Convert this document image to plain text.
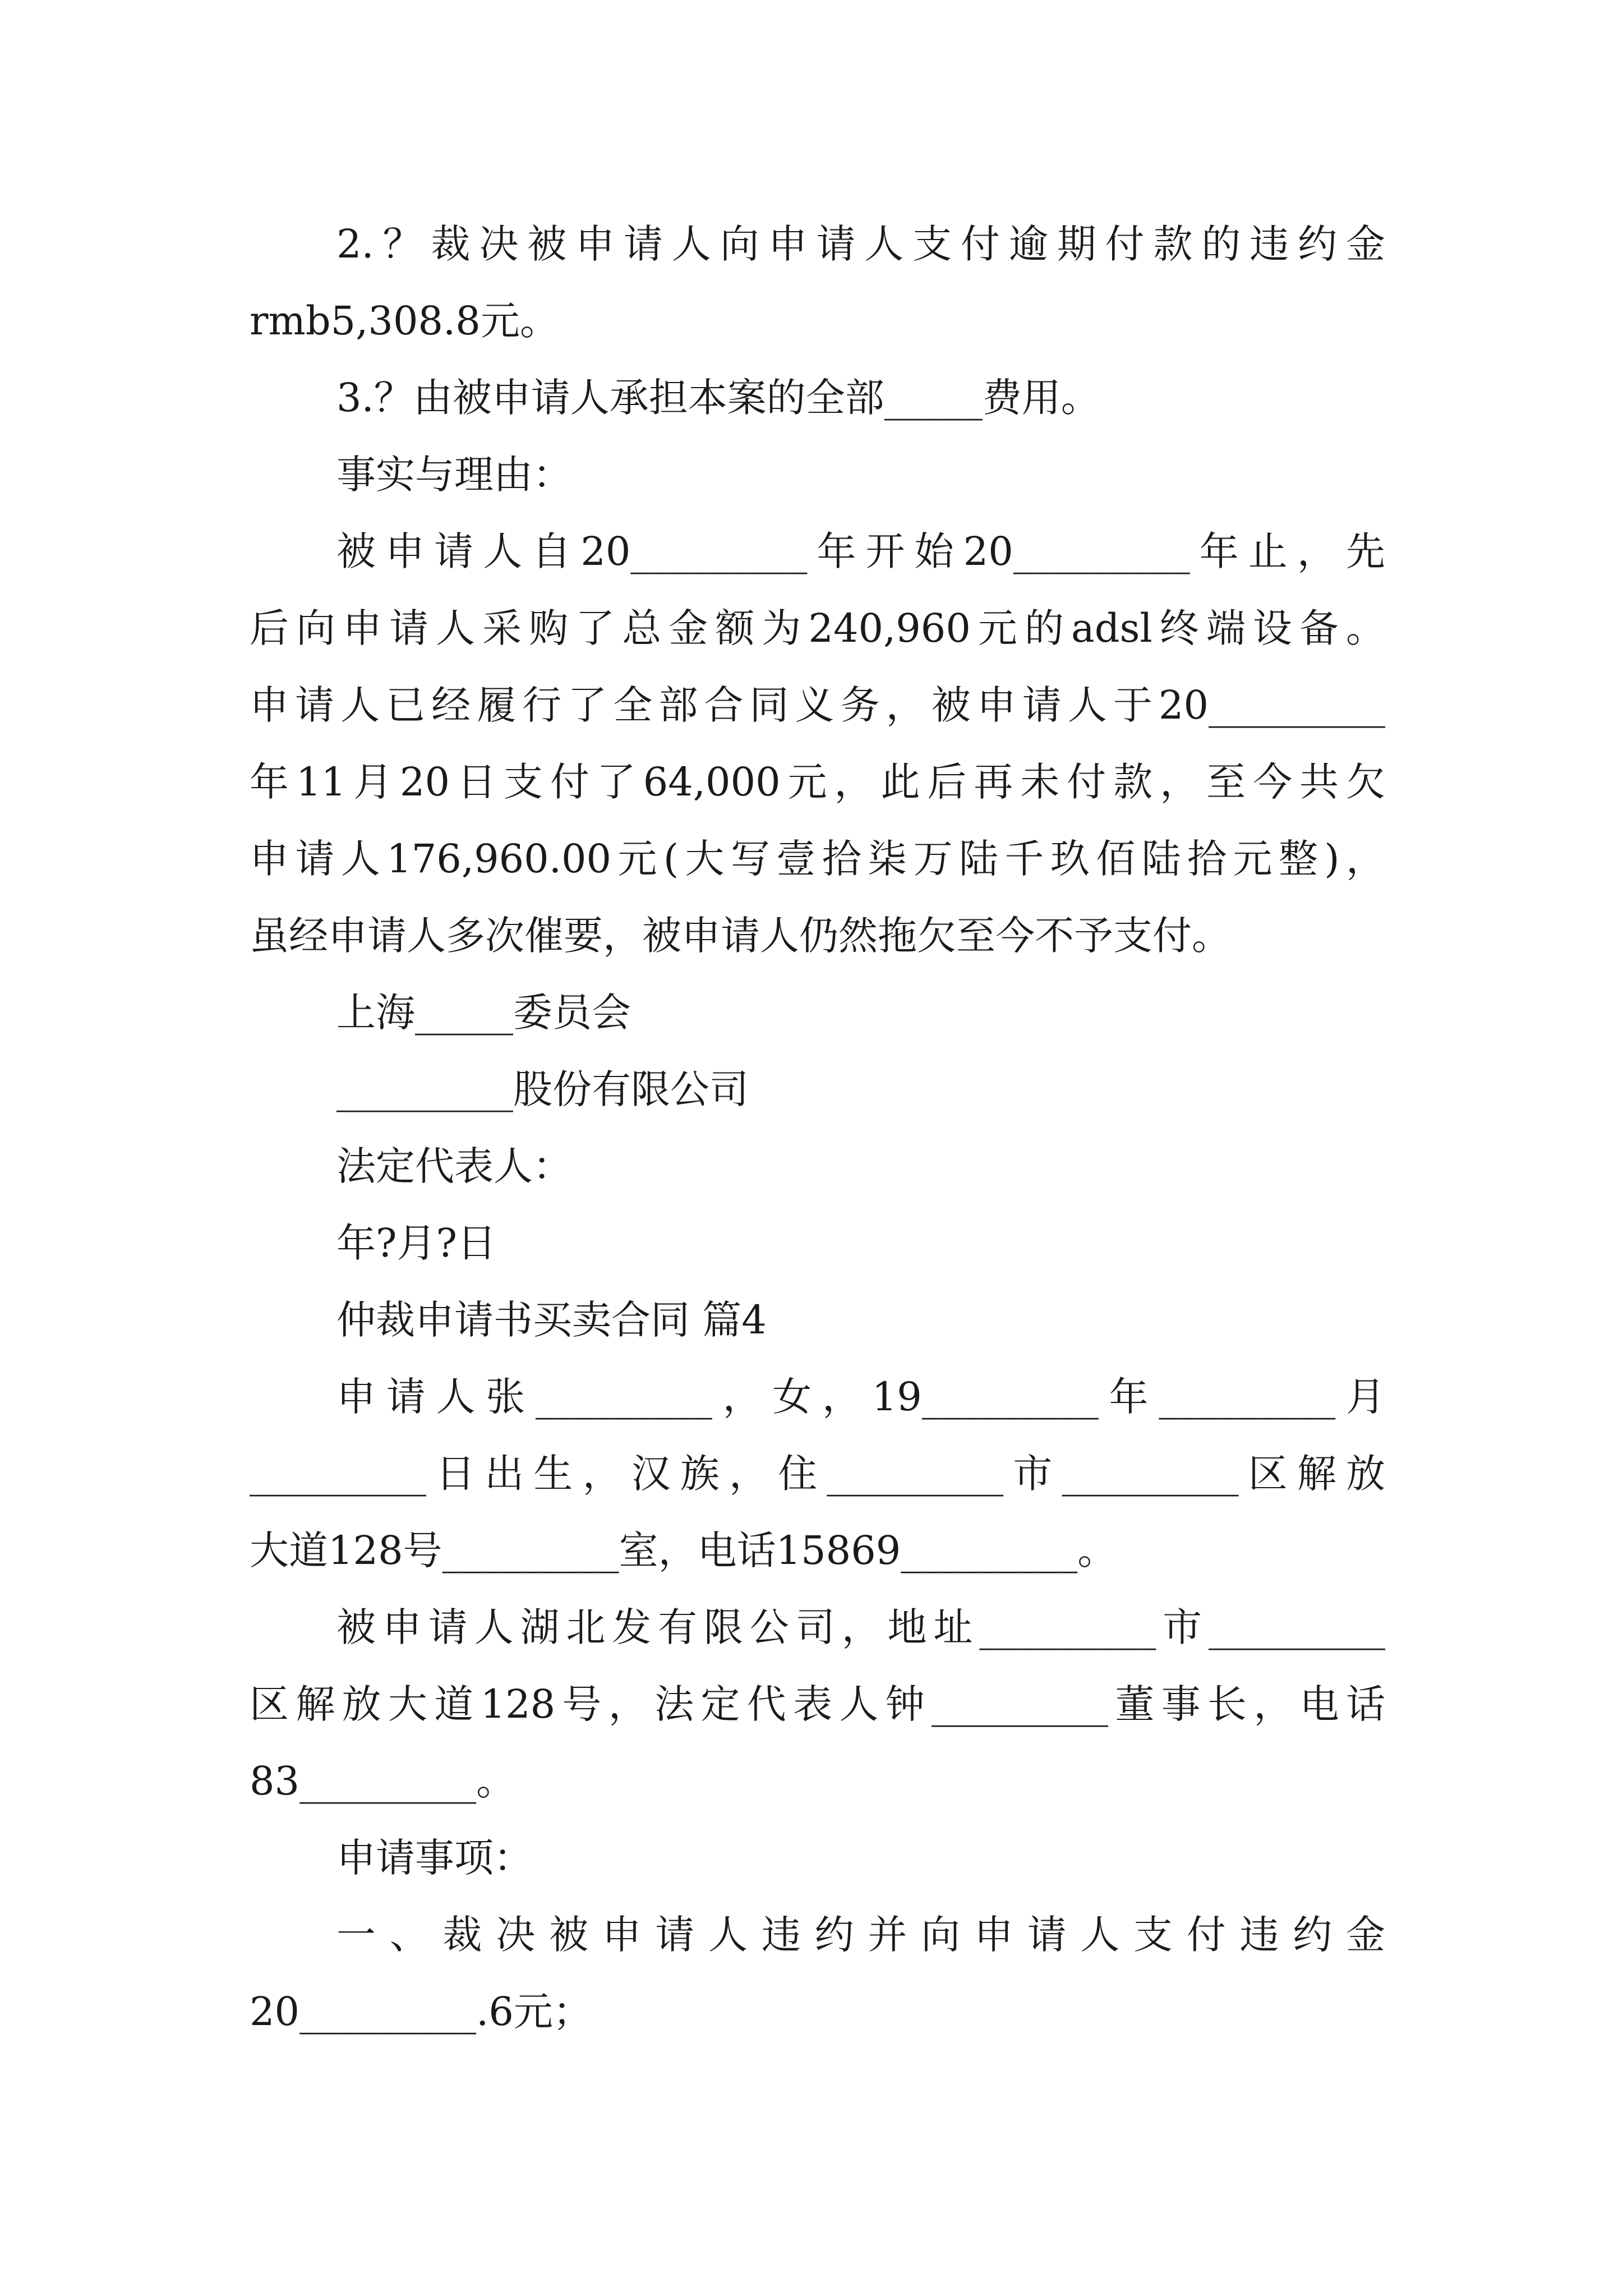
2.？裁决被申请人向申请人支付逾期付款的违约金
rmb5,308.8元。
3.？由被申请人承担本案的全部_____费用。
事实与理由：
被申请人自20_________年开始20_________年止，先
后向申请人采购了总金额为240,960元的adsl终端设备。
申请人已经履行了全部合同义务，被申请人于20_________
年11月20日支付了64,000元，此后再未付款，至今共欠
申请人176,960.00元(大写壹拾柒万陆千玖佰陆拾元整)，
虽经申请人多次催要，被申请人仍然拖欠至今不予支付。
上海_____委员会
_________股份有限公司
法定代表人：
年?月?日
仲裁申请书买卖合同 篇4
申请人张_________，女，19_________年_________月
_________日出生，汉族，住_________市_________区解放
大道128号_________室，电话15869_________。
被申请人湖北发有限公司，地址_________市_________
区解放大道128号，法定代表人钟_________董事长，电话
83_________。
申请事项：
一、裁决被申请人违约并向申请人支付违约金
20_________.6元；
